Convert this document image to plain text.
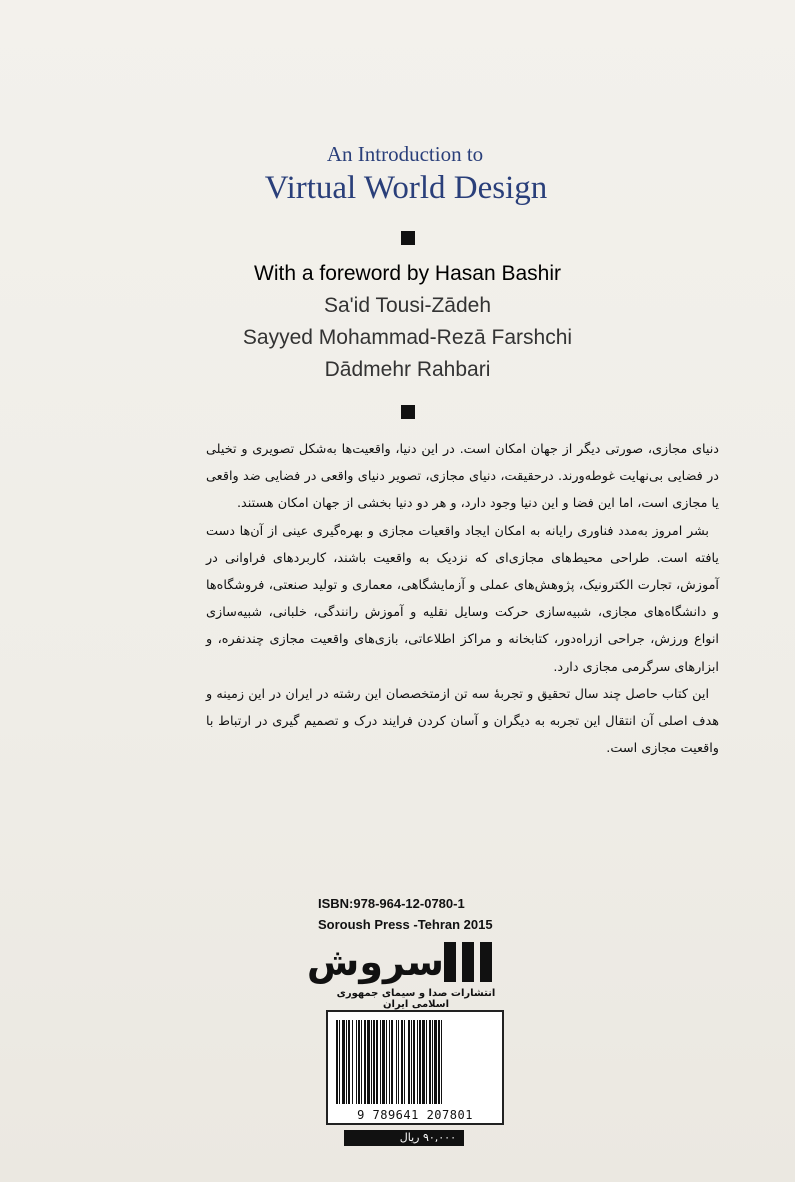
An Introduction to
Virtual World Design
With a foreword by Hasan Bashir
Sa'id Tousi-Zādeh
Sayyed Mohammad-Rezā Farshchi
Dādmehr Rahbari

دنیای مجازی، صورتی دیگر از جهان امکان است. در این دنیا، واقعیت‌ها به‌شکل تصویری و تخیلی در فضایی بی‌نهایت غوطه‌ورند. درحقیقت، دنیای مجازی، تصویر دنیای واقعی در فضایی ضد واقعی یا مجازی است، اما این فضا و این دنیا وجود دارد، و هر دو دنیا بخشی از جهان امکان هستند.

بشر امروز به‌مدد فناوری رایانه به امکان ایجاد واقعیات مجازی و بهره‌گیری عینی از آن‌ها دست یافته است. طراحی محیط‌های مجازی‌ای که نزدیک به واقعیت باشند، کاربردهای فراوانی در آموزش، تجارت الکترونیک، پژوهش‌های عملی و آزمایشگاهی، معماری و تولید صنعتی، فروشگاه‌ها و دانشگاه‌های مجازی، شبیه‌سازی حرکت وسایل نقلیه و آموزش رانندگی، خلبانی، شبیه‌سازی انواع ورزش، جراحی ازراه‌دور، کتابخانه و مراکز اطلاعاتی، بازی‌های واقعیت مجازی چندنفره، و ابزارهای سرگرمی مجازی دارد.

این کتاب حاصل چند سال تحقیق و تجربهٔ سه تن ازمتخصصان این رشته در ایران در این زمینه و هدف اصلی آن انتقال این تجربه به دیگران و آسان کردن فرایند درک و تصمیم گیری در ارتباط با واقعیت مجازی است.

ISBN:978-964-12-0780-1
Soroush Press -Tehran 2015
سروش
انتشارات صدا و سیمای جمهوری اسلامی ایران
9 789641 207801
۹۰,۰۰۰ ریال
